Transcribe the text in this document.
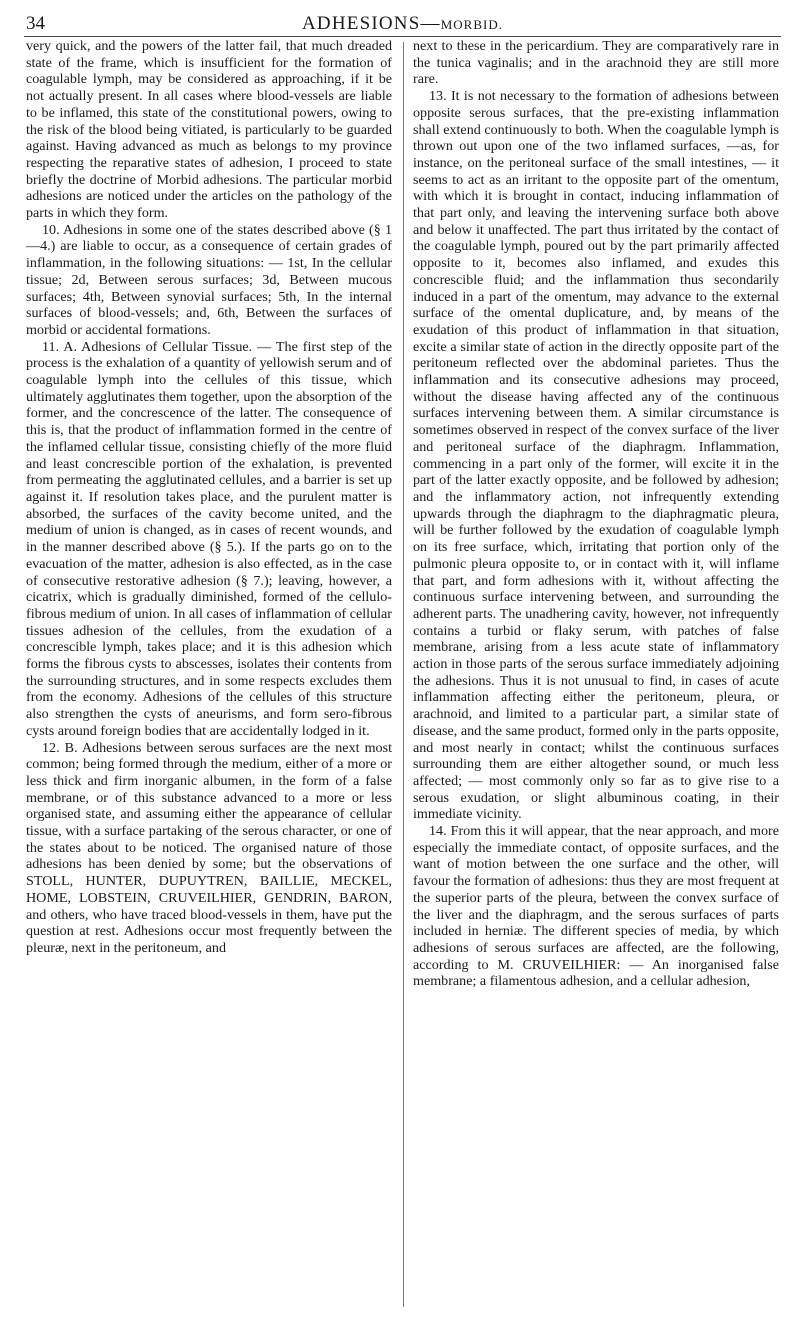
34	ADHESIONS—MORBID.

very quick, and the powers of the latter fail, that much dreaded state of the frame, which is insufficient for the formation of coagulable lymph, may be considered as approaching, if it be not actually present. In all cases where blood-vessels are liable to be inflamed, this state of the constitutional powers, owing to the risk of the blood being vitiated, is particularly to be guarded against. Having advanced as much as belongs to my province respecting the reparative states of adhesion, I proceed to state briefly the doctrine of Morbid adhesions. The particular morbid adhesions are noticed under the articles on the pathology of the parts in which they form.

10. Adhesions in some one of the states described above (§ 1—4.) are liable to occur, as a consequence of certain grades of inflammation, in the following situations: — 1st, In the cellular tissue; 2d, Between serous surfaces; 3d, Between mucous surfaces; 4th, Between synovial surfaces; 5th, In the internal surfaces of blood-vessels; and, 6th, Between the surfaces of morbid or accidental formations.

11. A. Adhesions of Cellular Tissue. — The first step of the process is the exhalation of a quantity of yellowish serum and of coagulable lymph into the cellules of this tissue, which ultimately agglutinates them together, upon the absorption of the former, and the concrescence of the latter. The consequence of this is, that the product of inflammation formed in the centre of the inflamed cellular tissue, consisting chiefly of the more fluid and least concrescible portion of the exhalation, is prevented from permeating the agglutinated cellules, and a barrier is set up against it. If resolution takes place, and the purulent matter is absorbed, the surfaces of the cavity become united, and the medium of union is changed, as in cases of recent wounds, and in the manner described above (§ 5.). If the parts go on to the evacuation of the matter, adhesion is also effected, as in the case of consecutive restorative adhesion (§ 7.); leaving, however, a cicatrix, which is gradually diminished, formed of the cellulo-fibrous medium of union. In all cases of inflammation of cellular tissues adhesion of the cellules, from the exudation of a concrescible lymph, takes place; and it is this adhesion which forms the fibrous cysts to abscesses, isolates their contents from the surrounding structures, and in some respects excludes them from the economy. Adhesions of the cellules of this structure also strengthen the cysts of aneurisms, and form sero-fibrous cysts around foreign bodies that are accidentally lodged in it.

12. B. Adhesions between serous surfaces are the next most common; being formed through the medium, either of a more or less thick and firm inorganic albumen, in the form of a false membrane, or of this substance advanced to a more or less organised state, and assuming either the appearance of cellular tissue, with a surface partaking of the serous character, or one of the states about to be noticed. The organised nature of those adhesions has been denied by some; but the observations of STOLL, HUNTER, DUPUYTREN, BAILLIE, MECKEL, HOME, LOBSTEIN, CRUVEILHIER, GENDRIN, BARON, and others, who have traced blood-vessels in them, have put the question at rest. Adhesions occur most frequently between the pleuræ, next in the peritoneum, and

next to these in the pericardium. They are comparatively rare in the tunica vaginalis; and in the arachnoid they are still more rare.

13. It is not necessary to the formation of adhesions between opposite serous surfaces, that the pre-existing inflammation shall extend continuously to both. When the coagulable lymph is thrown out upon one of the two inflamed surfaces, —as, for instance, on the peritoneal surface of the small intestines, — it seems to act as an irritant to the opposite part of the omentum, with which it is brought in contact, inducing inflammation of that part only, and leaving the intervening surface both above and below it unaffected. The part thus irritated by the contact of the coagulable lymph, poured out by the part primarily affected opposite to it, becomes also inflamed, and exudes this concrescible fluid; and the inflammation thus secondarily induced in a part of the omentum, may advance to the external surface of the omental duplicature, and, by means of the exudation of this product of inflammation in that situation, excite a similar state of action in the directly opposite part of the peritoneum reflected over the abdominal parietes. Thus the inflammation and its consecutive adhesions may proceed, without the disease having affected any of the continuous surfaces intervening between them. A similar circumstance is sometimes observed in respect of the convex surface of the liver and peritoneal surface of the diaphragm. Inflammation, commencing in a part only of the former, will excite it in the part of the latter exactly opposite, and be followed by adhesion; and the inflammatory action, not infrequently extending upwards through the diaphragm to the diaphragmatic pleura, will be further followed by the exudation of coagulable lymph on its free surface, which, irritating that portion only of the pulmonic pleura opposite to, or in contact with it, will inflame that part, and form adhesions with it, without affecting the continuous surface intervening between, and surrounding the adherent parts. The unadhering cavity, however, not infrequently contains a turbid or flaky serum, with patches of false membrane, arising from a less acute state of inflammatory action in those parts of the serous surface immediately adjoining the adhesions. Thus it is not unusual to find, in cases of acute inflammation affecting either the peritoneum, pleura, or arachnoid, and limited to a particular part, a similar state of disease, and the same product, formed only in the parts opposite, and most nearly in contact; whilst the continuous surfaces surrounding them are either altogether sound, or much less affected; — most commonly only so far as to give rise to a serous exudation, or slight albuminous coating, in their immediate vicinity.

14. From this it will appear, that the near approach, and more especially the immediate contact, of opposite surfaces, and the want of motion between the one surface and the other, will favour the formation of adhesions: thus they are most frequent at the superior parts of the pleura, between the convex surface of the liver and the diaphragm, and the serous surfaces of parts included in herniæ. The different species of media, by which adhesions of serous surfaces are affected, are the following, according to M. CRUVEILHIER: — An inorganised false membrane; a filamentous adhesion, and a cellular adhesion,
